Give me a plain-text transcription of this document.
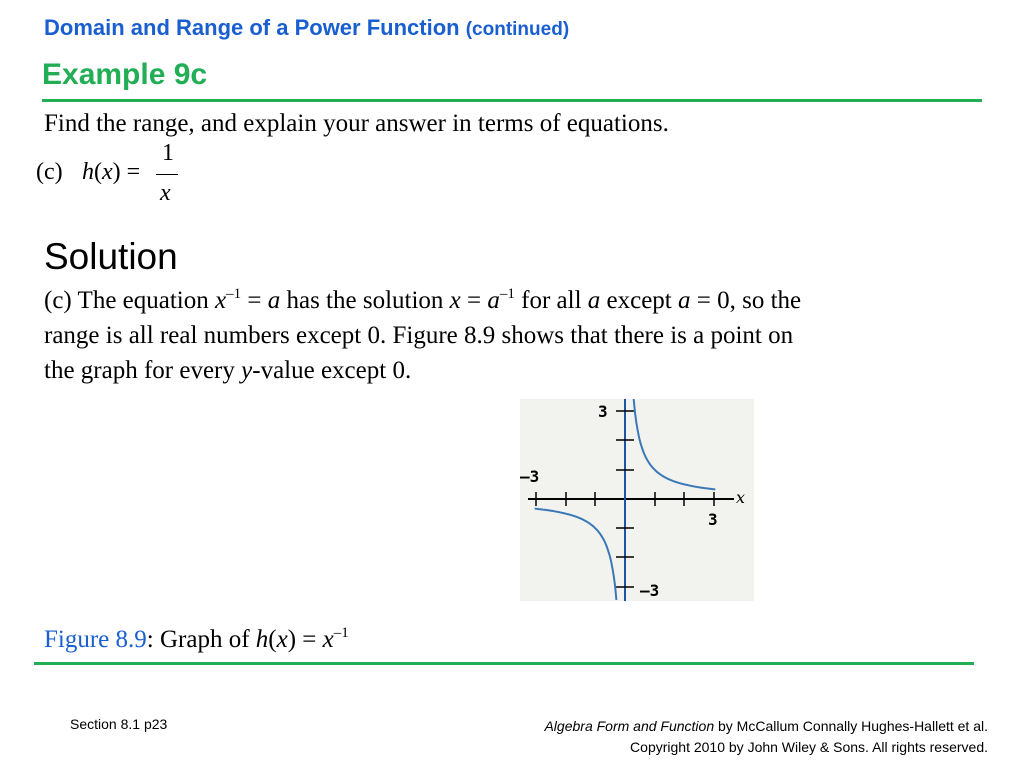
Domain and Range of a Power Function (continued)
Example 9c
Find the range, and explain your answer in terms of equations.
(c) h(x) =
1
x
Solution
(c) The equation $x^{-1} = a$ has the solution $x = a^{-1}$ for all a except a = 0, so the
range is all real numbers except 0. Figure 8.9 shows that there is a point on
the graph for every y-value except 0.
3
–3
3
x
–3
Figure 8.9: Graph of $h(x) = x^{-1}$
Section 8.1 p23	Algebra Form and Function by McCallum Connally Hughes-Hallett et al.
Copyright 2010 by John Wiley & Sons. All rights reserved.
